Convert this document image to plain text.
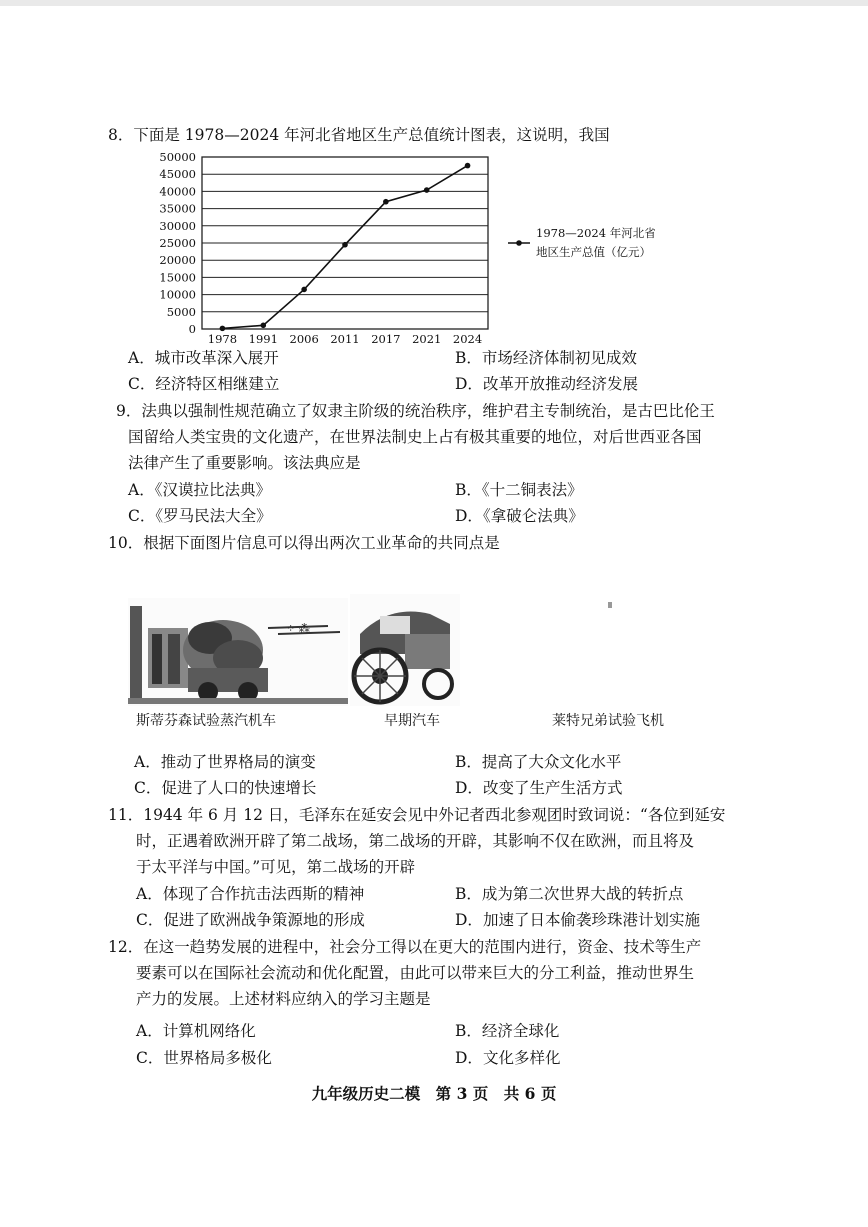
8．下面是 1978—2024 年河北省地区生产总值统计图表，这说明，我国
50000
45000
40000
35000
30000
25000
20000
15000
10000
5000
0
1978 1991 2006 2011 2017 2021 2024
1978—2024 年河北省
地区生产总值（亿元）
A．城市改革深入展开	B．市场经济体制初见成效
C．经济特区相继建立	D．改革开放推动经济发展
9．法典以强制性规范确立了奴隶主阶级的统治秩序，维护君主专制统治，是古巴比伦王
国留给人类宝贵的文化遗产，在世界法制史上占有极其重要的地位，对后世西亚各国
法律产生了重要影响。该法典应是
A．《汉谟拉比法典》	B．《十二铜表法》
C．《罗马民法大全》	D．《拿破仑法典》
10．根据下面图片信息可以得出两次工业革命的共同点是
⁘ ⁂
斯蒂芬森试验蒸汽机车	早期汽车	莱特兄弟试验飞机
A．推动了世界格局的演变	B．提高了大众文化水平
C．促进了人口的快速增长	D．改变了生产生活方式
11．1944 年 6 月 12 日，毛泽东在延安会见中外记者西北参观团时致词说：“各位到延安
时，正遇着欧洲开辟了第二战场，第二战场的开辟，其影响不仅在欧洲，而且将及
于太平洋与中国。”可见，第二战场的开辟
A．体现了合作抗击法西斯的精神	B．成为第二次世界大战的转折点
C．促进了欧洲战争策源地的形成	D．加速了日本偷袭珍珠港计划实施
12．在这一趋势发展的进程中，社会分工得以在更大的范围内进行，资金、技术等生产
要素可以在国际社会流动和优化配置，由此可以带来巨大的分工利益，推动世界生
产力的发展。上述材料应纳入的学习主题是
A．计算机网络化	B．经济全球化
C．世界格局多极化	D．文化多样化
九年级历史二模　第 3 页　共 6 页
